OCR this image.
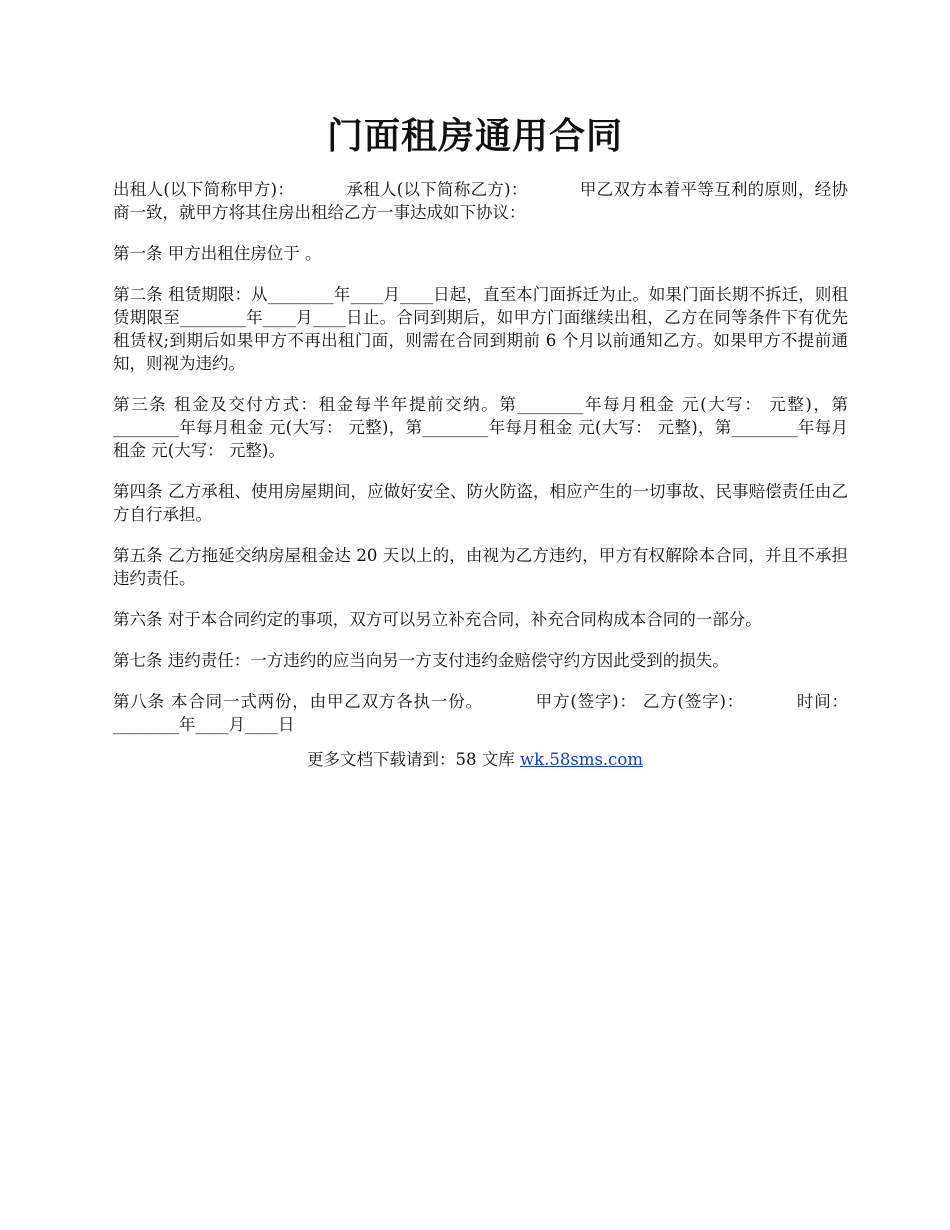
门面租房通用合同

出租人(以下简称甲方)：	承租人(以下简称乙方)：	甲乙双方本着平等互利的原则，经协商一致，就甲方将其住房出租给乙方一事达成如下协议：

第一条 甲方出租住房位于 。

第二条 租赁期限：从________年____月____日起，直至本门面拆迁为止。如果门面长期不拆迁，则租赁期限至________年____月____日止。合同到期后，如甲方门面继续出租，乙方在同等条件下有优先租赁权;到期后如果甲方不再出租门面，则需在合同到期前 6 个月以前通知乙方。如果甲方不提前通知，则视为违约。

第三条 租金及交付方式：租金每半年提前交纳。第________年每月租金 元(大写： 元整)，第________年每月租金 元(大写： 元整)，第________年每月租金 元(大写： 元整)，第________年每月租金 元(大写： 元整)。

第四条 乙方承租、使用房屋期间，应做好安全、防火防盗，相应产生的一切事故、民事赔偿责任由乙方自行承担。

第五条 乙方拖延交纳房屋租金达 20 天以上的，由视为乙方违约，甲方有权解除本合同，并且不承担违约责任。

第六条 对于本合同约定的事项，双方可以另立补充合同，补充合同构成本合同的一部分。

第七条 违约责任：一方违约的应当向另一方支付违约金赔偿守约方因此受到的损失。

第八条 本合同一式两份，由甲乙双方各执一份。	甲方(签字)： 乙方(签字)：	时间：________年____月____日

更多文档下载请到：58 文库 wk.58sms.com
